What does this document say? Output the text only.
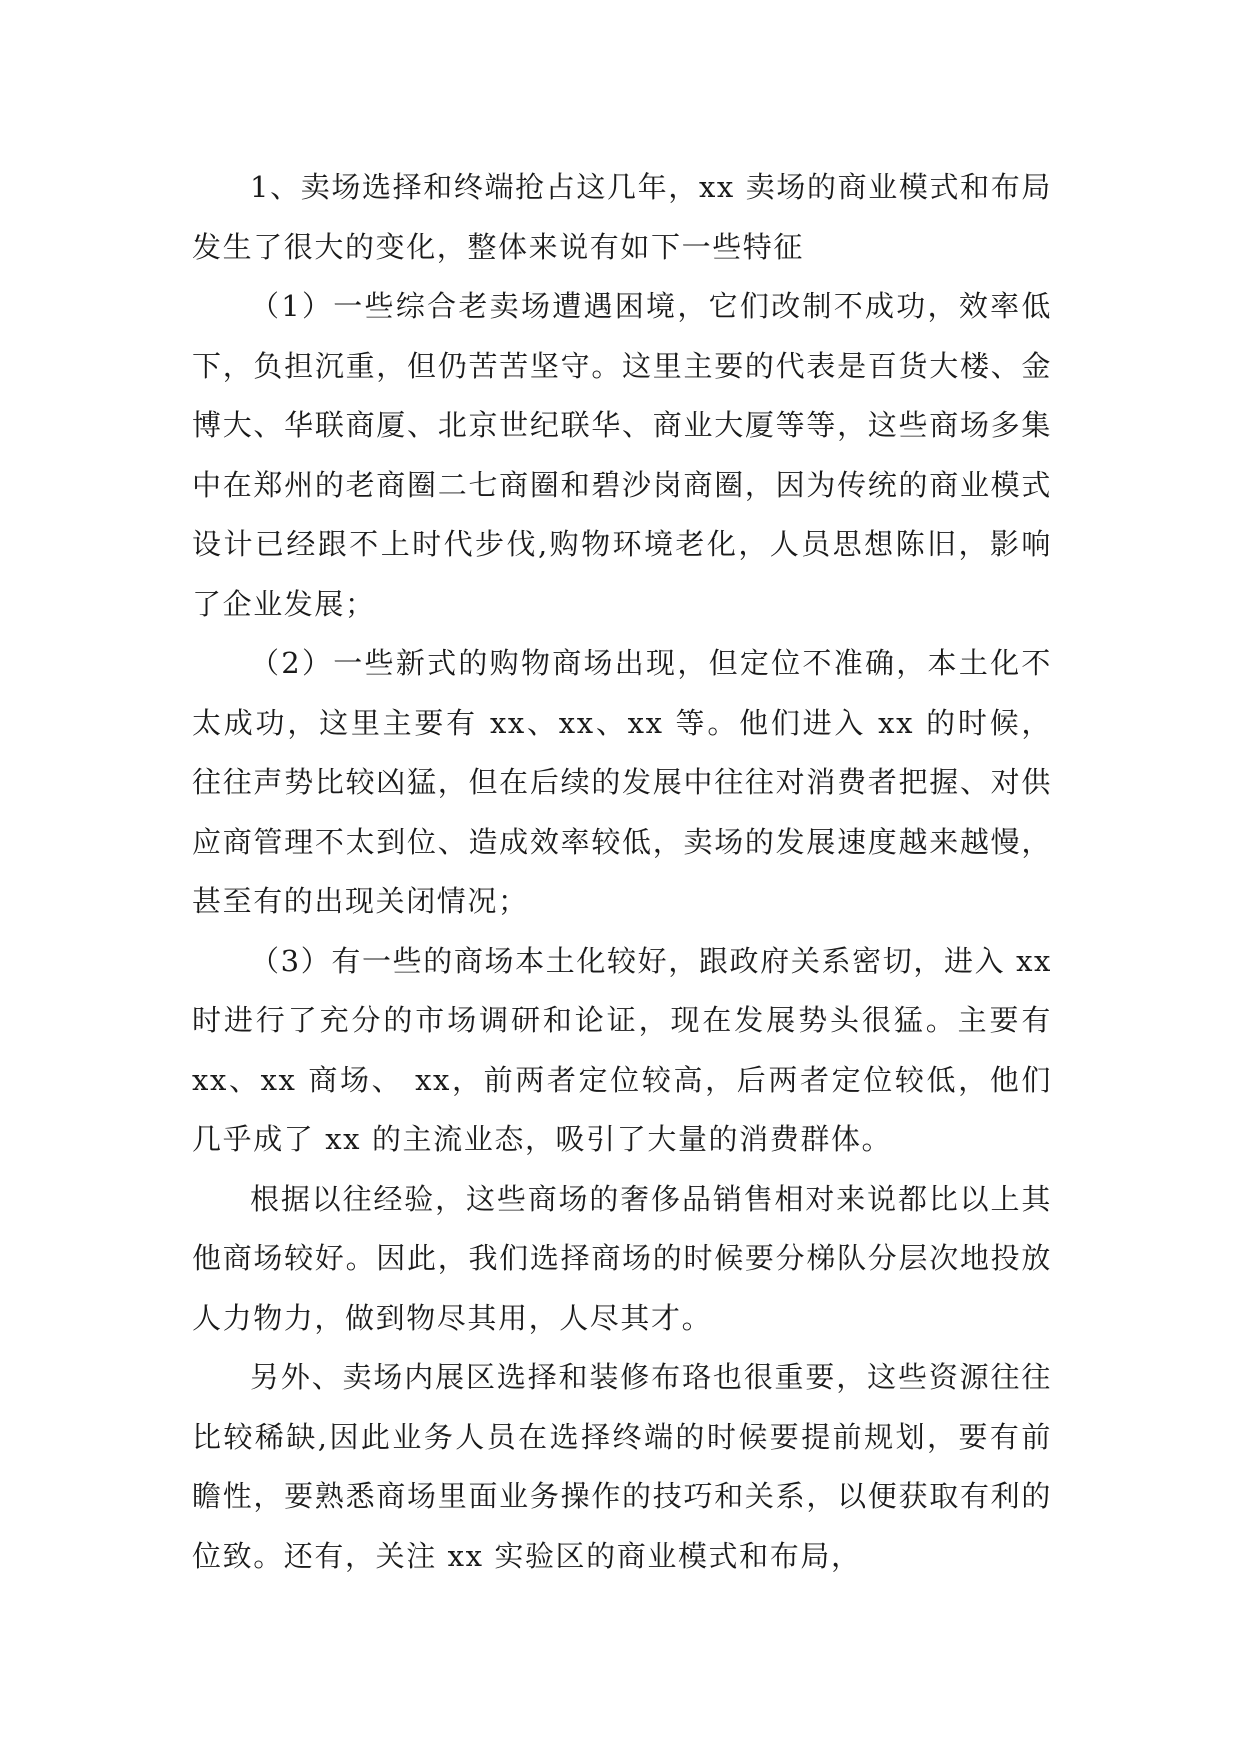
1、卖场选择和终端抢占这几年，xx 卖场的商业模式和布局发生了很大的变化，整体来说有如下一些特征

（1）一些综合老卖场遭遇困境，它们改制不成功，效率低下，负担沉重，但仍苦苦坚守。这里主要的代表是百货大楼、金博大、华联商厦、北京世纪联华、商业大厦等等，这些商场多集中在郑州的老商圈二七商圈和碧沙岗商圈，因为传统的商业模式设计已经跟不上时代步伐,购物环境老化，人员思想陈旧，影响了企业发展；

（2）一些新式的购物商场出现，但定位不准确，本土化不太成功，这里主要有 xx、xx、xx 等。他们进入 xx 的时候，往往声势比较凶猛，但在后续的发展中往往对消费者把握、对供应商管理不太到位、造成效率较低，卖场的发展速度越来越慢，甚至有的出现关闭情况；

（3）有一些的商场本土化较好，跟政府关系密切，进入 xx 时进行了充分的市场调研和论证，现在发展势头很猛。主要有 xx、xx 商场、 xx，前两者定位较高，后两者定位较低，他们几乎成了 xx 的主流业态，吸引了大量的消费群体。

根据以往经验，这些商场的奢侈品销售相对来说都比以上其他商场较好。因此，我们选择商场的时候要分梯队分层次地投放人力物力，做到物尽其用，人尽其才。

另外、卖场内展区选择和装修布珞也很重要，这些资源往往比较稀缺,因此业务人员在选择终端的时候要提前规划，要有前瞻性，要熟悉商场里面业务操作的技巧和关系，以便获取有利的位致。还有，关注 xx 实验区的商业模式和布局，
